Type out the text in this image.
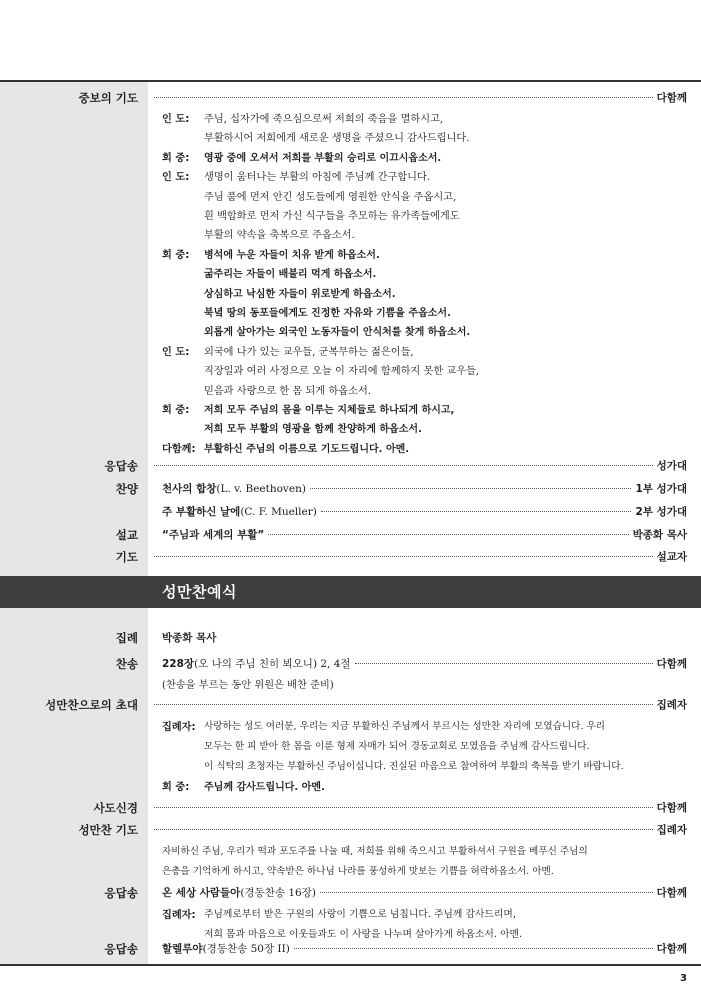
중보의 기도	다함께
인 도:	주님, 십자가에 죽으심으로써 저희의 죽음을 멸하시고,
부활하시어 저희에게 새로운 생명을 주셨으니 감사드립니다.
회 중:	영광 중에 오셔서 저희를 부활의 승리로 이끄시옵소서.
인 도:	생명이 움터나는 부활의 아침에 주님께 간구합니다.
주님 품에 먼저 안긴 성도들에게 영원한 안식을 주옵시고,
흰 백합화로 먼저 가신 식구들을 추모하는 유가족들에게도
부활의 약속을 축복으로 주옵소서.
회 중:	병석에 누운 자들이 치유 받게 하옵소서.
굶주리는 자들이 배불리 먹게 하옵소서.
상심하고 낙심한 자들이 위로받게 하옵소서.
북녘 땅의 동포들에게도 진정한 자유와 기쁨을 주옵소서.
외롭게 살아가는 외국인 노동자들이 안식처를 찾게 하옵소서.
인 도:	외국에 나가 있는 교우들, 군복무하는 젊은이들,
직장일과 여러 사정으로 오늘 이 자리에 함께하지 못한 교우들,
믿음과 사랑으로 한 몸 되게 하옵소서.
회 중:	저희 모두 주님의 몸을 이루는 지체들로 하나되게 하시고,
저희 모두 부활의 영광을 함께 찬양하게 하옵소서.
다함께: 부활하신 주님의 이름으로 기도드립니다. 아멘.
응답송	성가대
찬양 천사의 합창 (L. v. Beethoven)	1부 성가대
주 부활하신 날에 (C. F. Mueller)	2부 성가대
설교 “주님과 세계의 부활”	박종화 목사
기도	설교자
성만찬예식
집례 박종화 목사
찬송 228장 (오 나의 주님 친히 뵈오니) 2, 4절	다함께
(찬송을 부르는 동안 위원은 배찬 준비)
성만찬으로의 초대	집례자
집례자: 사랑하는 성도 여러분, 우리는 지금 부활하신 주님께서 부르시는 성만찬 자리에 모였습니다. 우리
모두는 한 피 받아 한 몸을 이룬 형제 자매가 되어 경동교회로 모였음을 주님께 감사드립니다.
이 식탁의 초청자는 부활하신 주님이십니다. 진실된 마음으로 참여하여 부활의 축복을 받기 바랍니다.
회 중:	주님께 감사드립니다. 아멘.
사도신경	다함께
성만찬 기도	집례자
자비하신 주님, 우리가 떡과 포도주를 나눌 때, 저희를 위해 죽으시고 부활하셔서 구원을 베푸신 주님의
은총을 기억하게 하시고, 약속받은 하나님 나라를 풍성하게 맛보는 기쁨을 허락하옵소서. 아멘.
응답송 온 세상 사람들아 (경동찬송 16장)	다함께
집례자: 주님께로부터 받은 구원의 사랑이 기쁨으로 넘칩니다. 주님께 감사드리며,
저희 몸과 마음으로 이웃들과도 이 사랑을 나누며 살아가게 하옵소서. 아멘.
응답송 할렐루야 (경동찬송 50장 II)	다함께
3
